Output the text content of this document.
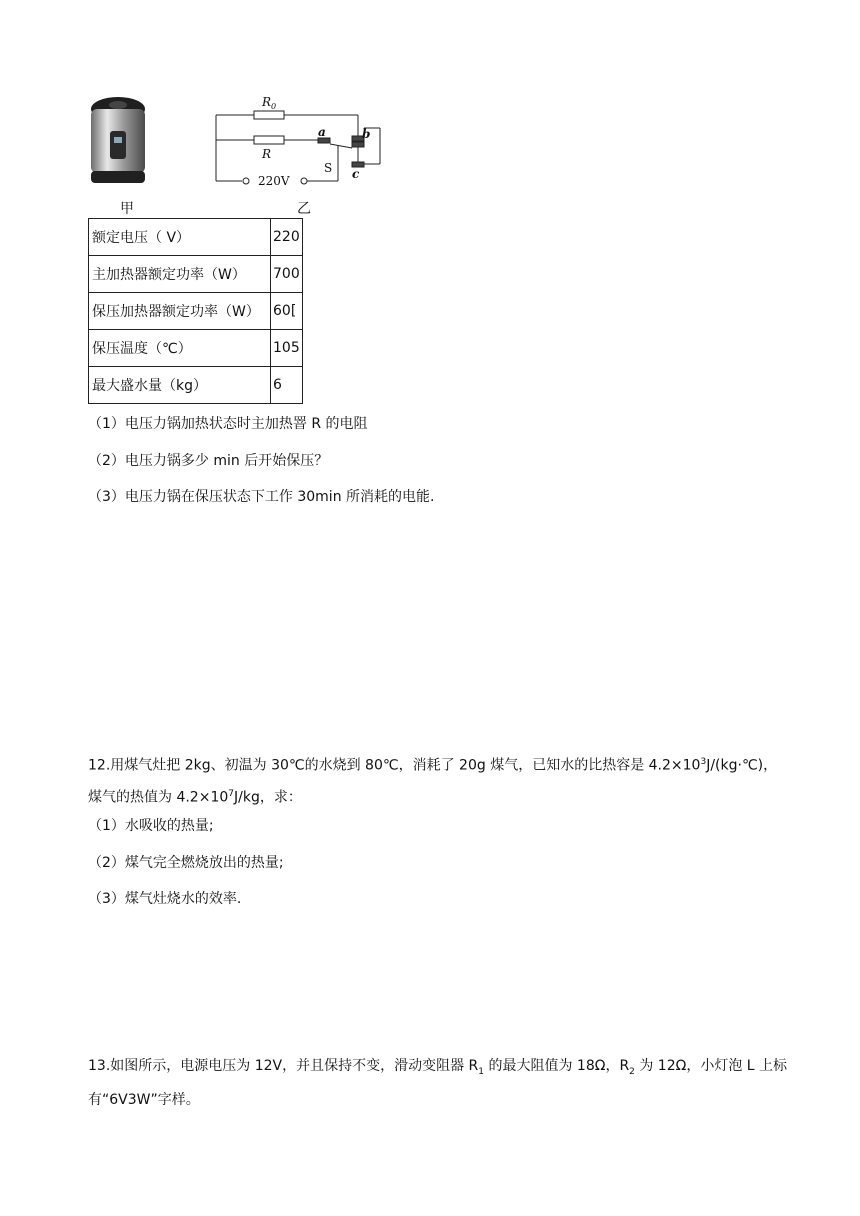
$R_0$
R
a	b
c
S
220V
甲	乙
额定电压（ V）	220
主加热器额定功率（W）	700
保压加热器额定功率（W）	60[
保压温度（℃）	105
最大盛水量（kg）	6
（1）电压力锅加热状态时主加热罯 R 的电阻
（2）电压力锅多少 min 后开始保压？
（3）电压力锅在保压状态下工作 30min 所消耗的电能.
12.用煤气灶把 2kg、初温为 30℃的水烧到 80℃，消耗了 20g 煤气，已知水的比热容是 $4.2\times 10^3J/(kg\cdot℃)$，煤气的热值为 $4.2\times 10^7J/kg$，求：
（1）水吸收的热量;
（2）煤气完全燃烧放出的热量;
（3）煤气灶烧水的效率.
13.如图所示，电源电压为 12V，并且保持不变，滑动变阻器 $R_1$ 的最大阻值为 18Ω，$R_2$ 为 12Ω，小灯泡 L 上标有“6V3W”字样。
